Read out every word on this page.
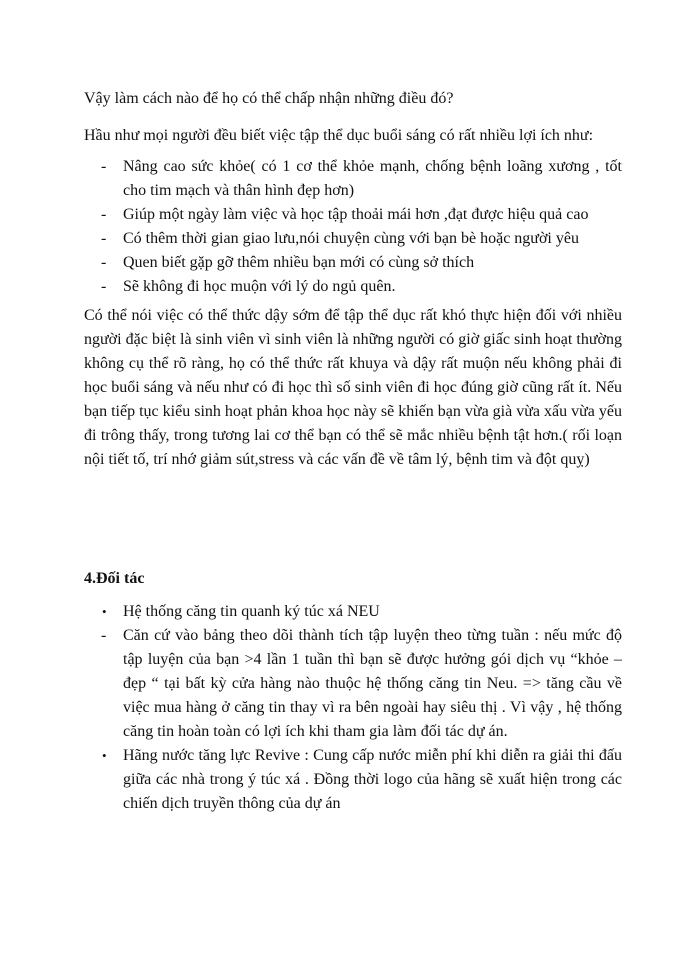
Vậy làm cách nào để họ có thể chấp nhận những điều đó?

Hầu như mọi người đều biết việc tập thể dục buổi sáng có rất nhiều lợi ích như:

-	Nâng cao sức khỏe( có 1 cơ thể khỏe mạnh, chống bệnh loãng xương , tốt cho tim mạch và thân hình đẹp hơn)
-	Giúp một ngày làm việc và học tập thoải mái hơn ,đạt được hiệu quả cao
-	Có thêm thời gian giao lưu,nói chuyện cùng với bạn bè hoặc người yêu
-	Quen biết gặp gỡ thêm nhiều bạn mới có cùng sở thích
-	Sẽ không đi học muộn với lý do ngủ quên.

Có thể nói việc có thể thức dậy sớm để tập thể dục rất khó thực hiện đối với nhiều người đặc biệt là sinh viên vì sinh viên là những người có giờ giấc sinh hoạt thường không cụ thể rõ ràng, họ có thể thức rất khuya và dậy rất muộn nếu không phải đi học buổi sáng và nếu như có đi học thì số sinh viên đi học đúng giờ cũng rất ít. Nếu bạn tiếp tục kiểu sinh hoạt phản khoa học này sẽ khiến bạn vừa già vừa xấu vừa yếu đi trông thấy, trong tương lai cơ thể bạn có thể sẽ mắc nhiều bệnh tật hơn.( rối loạn nội tiết tố, trí nhớ giảm sút,stress và các vấn đề về tâm lý, bệnh tim và đột quỵ)

4.Đối tác

•	Hệ thống căng tin quanh ký túc xá NEU
-	Căn cứ vào bảng theo dõi thành tích tập luyện theo từng tuần : nếu mức độ tập luyện của bạn >4 lần 1 tuần thì bạn sẽ được hưởng gói dịch vụ “khỏe –đẹp “ tại bất kỳ cửa hàng nào thuộc hệ thống căng tin Neu. => tăng cầu về việc mua hàng ở căng tin thay vì ra bên ngoài hay siêu thị . Vì vậy , hệ thống căng tin hoàn toàn có lợi ích khi tham gia làm đối tác dự án.
•	Hãng nước tăng lực Revive : Cung cấp nước miễn phí khi diễn ra giải thi đấu giữa các nhà trong ý túc xá . Đồng thời logo của hãng sẽ xuất hiện trong các chiến dịch truyền thông của dự án
